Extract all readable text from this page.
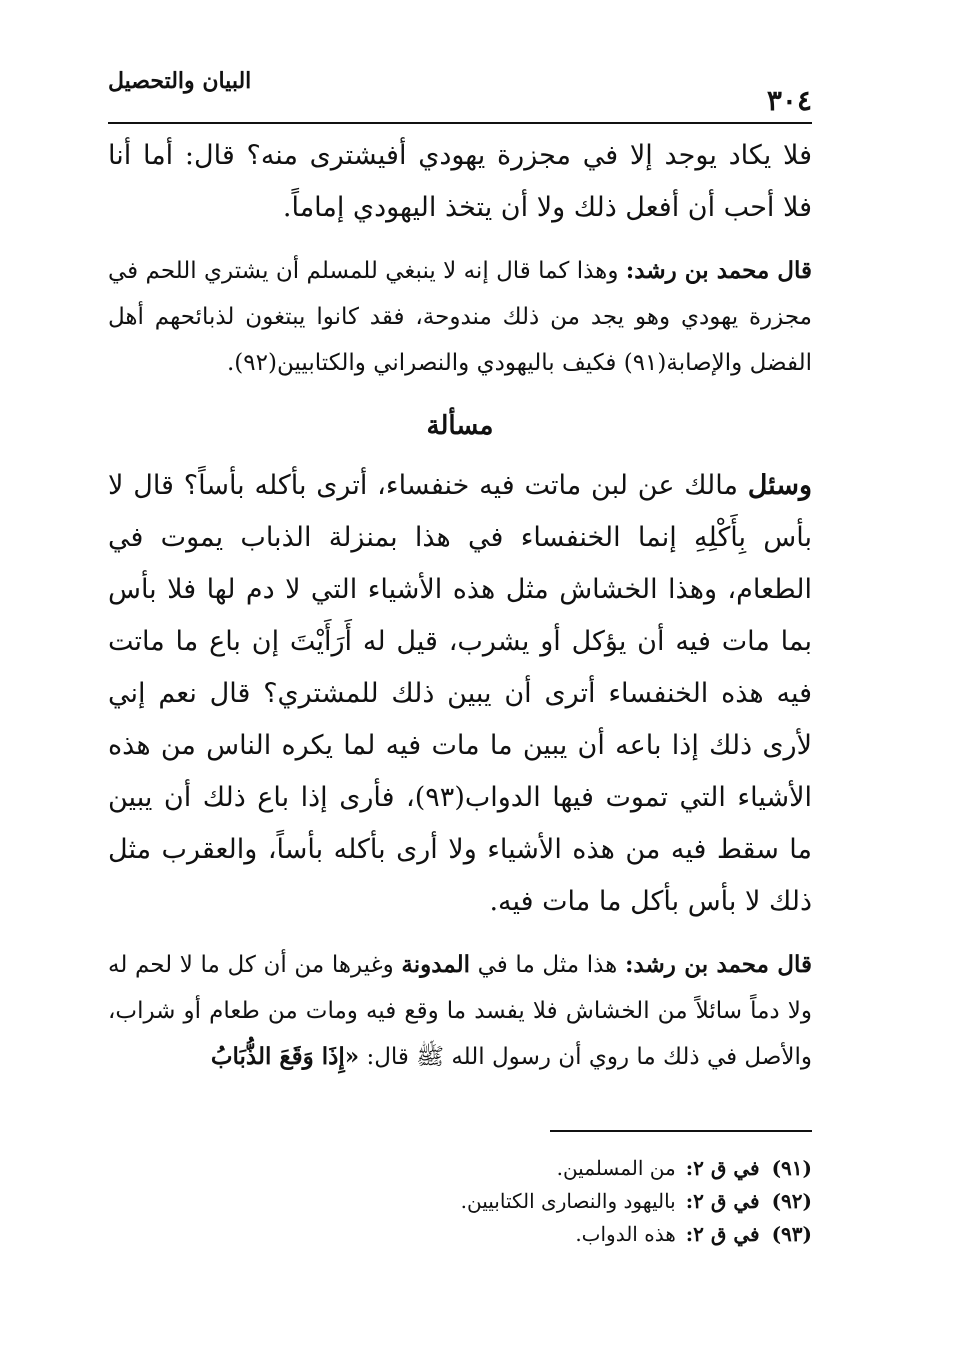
٣٠٤
البيان والتحصيل

فلا يكاد يوجد إلا في مجزرة يهودي أفيشترى منه؟ قال: أما أنا فلا أحب أن أفعل ذلك ولا أن يتخذ اليهودي إماماً.

قال محمد بن رشد: وهذا كما قال إنه لا ينبغي للمسلم أن يشتري اللحم في مجزرة يهودي وهو يجد من ذلك مندوحة، فقد كانوا يبتغون لذبائحهم أهل الفضل والإصابة(٩١) فكيف باليهودي والنصراني والكتابيين(٩٢).

مسألة

وسئل مالك عن لبن ماتت فيه خنفساء، أترى بأكله بأساً؟ قال لا بأس بِأَكْلِهِ إنما الخنفساء في هذا بمنزلة الذباب يموت في الطعام، وهذا الخشاش مثل هذه الأشياء التي لا دم لها فلا بأس بما مات فيه أن يؤكل أو يشرب، قيل له أَرَأَيْتَ إن باع ما ماتت فيه هذه الخنفساء أترى أن يبين ذلك للمشتري؟ قال نعم إني لأرى ذلك إذا باعه أن يبين ما مات فيه لما يكره الناس من هذه الأشياء التي تموت فيها الدواب(٩٣)، فأرى إذا باع ذلك أن يبين ما سقط فيه من هذه الأشياء ولا أرى بأكله بأساً، والعقرب مثل ذلك لا بأس بأكل ما مات فيه.

قال محمد بن رشد: هذا مثل ما في المدونة وغيرها من أن كل ما لا لحم له ولا دماً سائلاً من الخشاش فلا يفسد ما وقع فيه ومات من طعام أو شراب، والأصل في ذلك ما روي أن رسول الله ﷺ قال: «إِذَا وَقَعَ الذُّبَابُ

(٩١)في ق ٢:من المسلمين.
(٩٢)في ق ٢:باليهود والنصارى الكتابيين.
(٩٣)في ق ٢:هذه الدواب.
